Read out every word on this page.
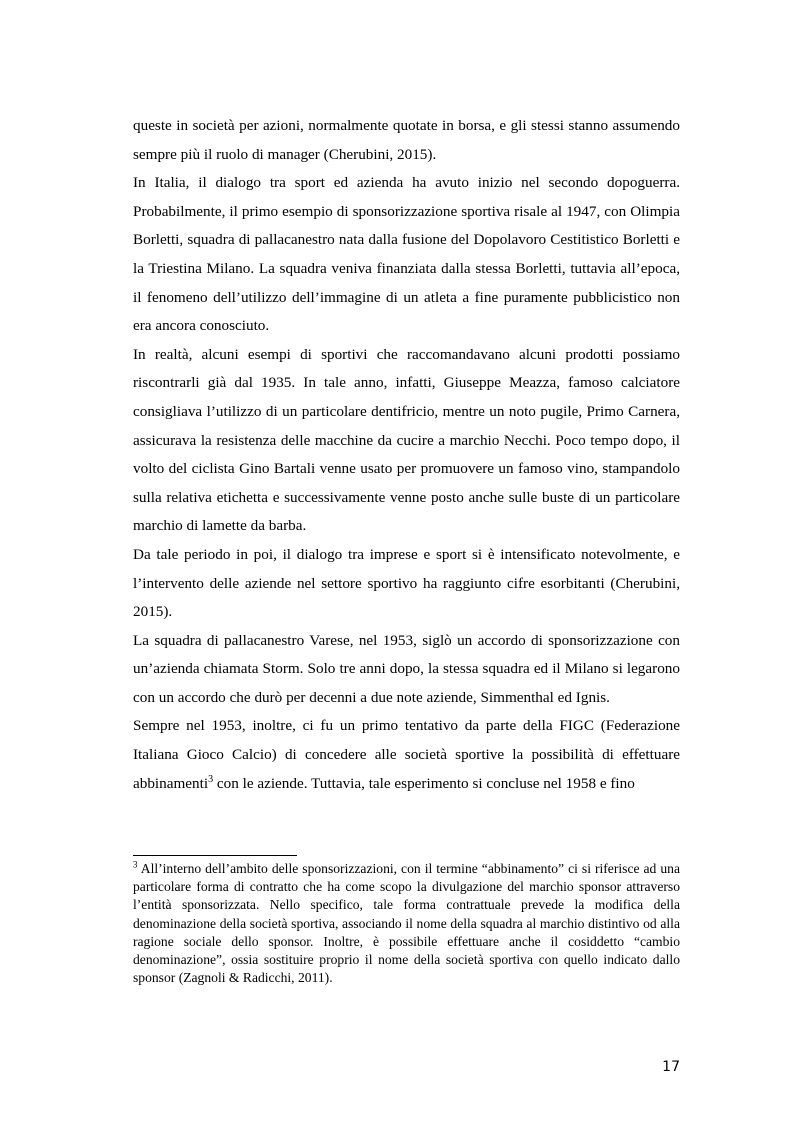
queste in società per azioni, normalmente quotate in borsa, e gli stessi stanno assumendo sempre più il ruolo di manager (Cherubini, 2015).

In Italia, il dialogo tra sport ed azienda ha avuto inizio nel secondo dopoguerra. Probabilmente, il primo esempio di sponsorizzazione sportiva risale al 1947, con Olimpia Borletti, squadra di pallacanestro nata dalla fusione del Dopolavoro Cestitistico Borletti e la Triestina Milano. La squadra veniva finanziata dalla stessa Borletti, tuttavia all’epoca, il fenomeno dell’utilizzo dell’immagine di un atleta a fine puramente pubblicistico non era ancora conosciuto.

In realtà, alcuni esempi di sportivi che raccomandavano alcuni prodotti possiamo riscontrarli già dal 1935. In tale anno, infatti, Giuseppe Meazza, famoso calciatore consigliava l’utilizzo di un particolare dentifricio, mentre un noto pugile, Primo Carnera, assicurava la resistenza delle macchine da cucire a marchio Necchi. Poco tempo dopo, il volto del ciclista Gino Bartali venne usato per promuovere un famoso vino, stampandolo sulla relativa etichetta e successivamente venne posto anche sulle buste di un particolare marchio di lamette da barba.

Da tale periodo in poi, il dialogo tra imprese e sport si è intensificato notevolmente, e l’intervento delle aziende nel settore sportivo ha raggiunto cifre esorbitanti (Cherubini, 2015).

La squadra di pallacanestro Varese, nel 1953, siglò un accordo di sponsorizzazione con un’azienda chiamata Storm. Solo tre anni dopo, la stessa squadra ed il Milano si legarono con un accordo che durò per decenni a due note aziende, Simmenthal ed Ignis.

Sempre nel 1953, inoltre, ci fu un primo tentativo da parte della FIGC (Federazione Italiana Gioco Calcio) di concedere alle società sportive la possibilità di effettuare abbinamenti$^3$ con le aziende. Tuttavia, tale esperimento si concluse nel 1958 e fino

$^3$ All’interno dell’ambito delle sponsorizzazioni, con il termine “abbinamento” ci si riferisce ad una particolare forma di contratto che ha come scopo la divulgazione del marchio sponsor attraverso l’entità sponsorizzata. Nello specifico, tale forma contrattuale prevede la modifica della denominazione della società sportiva, associando il nome della squadra al marchio distintivo od alla ragione sociale dello sponsor. Inoltre, è possibile effettuare anche il cosiddetto “cambio denominazione”, ossia sostituire proprio il nome della società sportiva con quello indicato dallo sponsor (Zagnoli & Radicchi, 2011).

17
